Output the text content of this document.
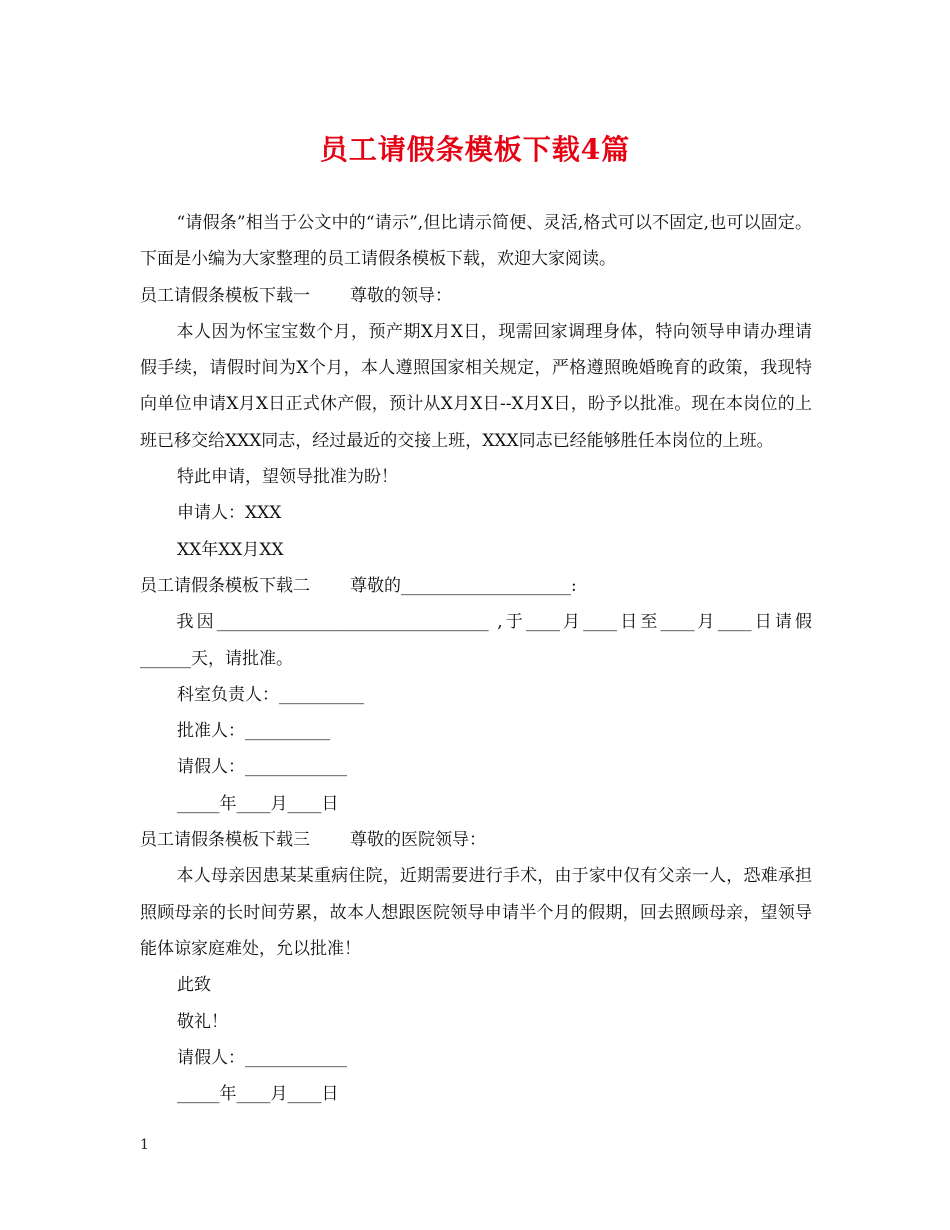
员工请假条模板下载4篇

“请假条”相当于公文中的“请示”,但比请示简便、灵活,格式可以不固定,也可以固定。下面是小编为大家整理的员工请假条模板下载，欢迎大家阅读。

员工请假条模板下载一 尊敬的领导：

本人因为怀宝宝数个月，预产期X月X日，现需回家调理身体，特向领导申请办理请假手续，请假时间为X个月，本人遵照国家相关规定，严格遵照晚婚晚育的政策，我现特向单位申请X月X日正式休产假，预计从X月X日--X月X日，盼予以批准。现在本岗位的上班已移交给XXX同志，经过最近的交接上班，XXX同志已经能够胜任本岗位的上班。

特此申请，望领导批准为盼！

申请人：XXX

XX年XX月XX

员工请假条模板下载二 尊敬的____________________:

我因________________________________ ,于____月____日至____月____日请假______天，请批准。

科室负责人：__________

批准人：__________

请假人：____________

_____年____月____日

员工请假条模板下载三 尊敬的医院领导：

本人母亲因患某某重病住院，近期需要进行手术，由于家中仅有父亲一人，恐难承担照顾母亲的长时间劳累，故本人想跟医院领导申请半个月的假期，回去照顾母亲，望领导能体谅家庭难处，允以批准！

此致

敬礼！

请假人：____________

_____年____月____日

1
